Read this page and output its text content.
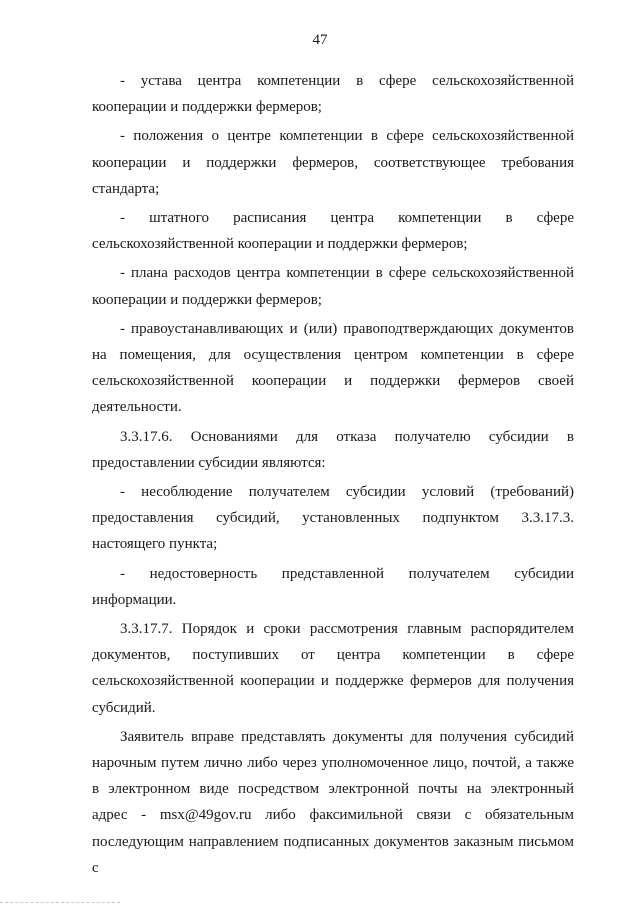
47

- устава центра компетенции в сфере сельскохозяйственной кооперации и поддержки фермеров;

- положения о центре компетенции в сфере сельскохозяйственной кооперации и поддержки фермеров, соответствующее требования стандарта;

- штатного расписания центра компетенции в сфере сельскохозяйственной кооперации и поддержки фермеров;

- плана расходов центра компетенции в сфере сельскохозяйственной кооперации и поддержки фермеров;

- правоустанавливающих и (или) правоподтверждающих документов на помещения, для осуществления центром компетенции в сфере сельскохозяйственной кооперации и поддержки фермеров своей деятельности.

3.3.17.6. Основаниями для отказа получателю субсидии в предоставлении субсидии являются:

- несоблюдение получателем субсидии условий (требований) предоставления субсидий, установленных подпунктом 3.3.17.3. настоящего пункта;

- недостоверность представленной получателем субсидии информации.

3.3.17.7. Порядок и сроки рассмотрения главным распорядителем документов, поступивших от центра компетенции в сфере сельскохозяйственной кооперации и поддержке фермеров для получения субсидий.

Заявитель вправе представлять документы для получения субсидий нарочным путем лично либо через уполномоченное лицо, почтой, а также в электронном виде посредством электронной почты на электронный адрес - msx@49gov.ru либо факсимильной связи с обязательным последующим направлением подписанных документов заказным письмом с
